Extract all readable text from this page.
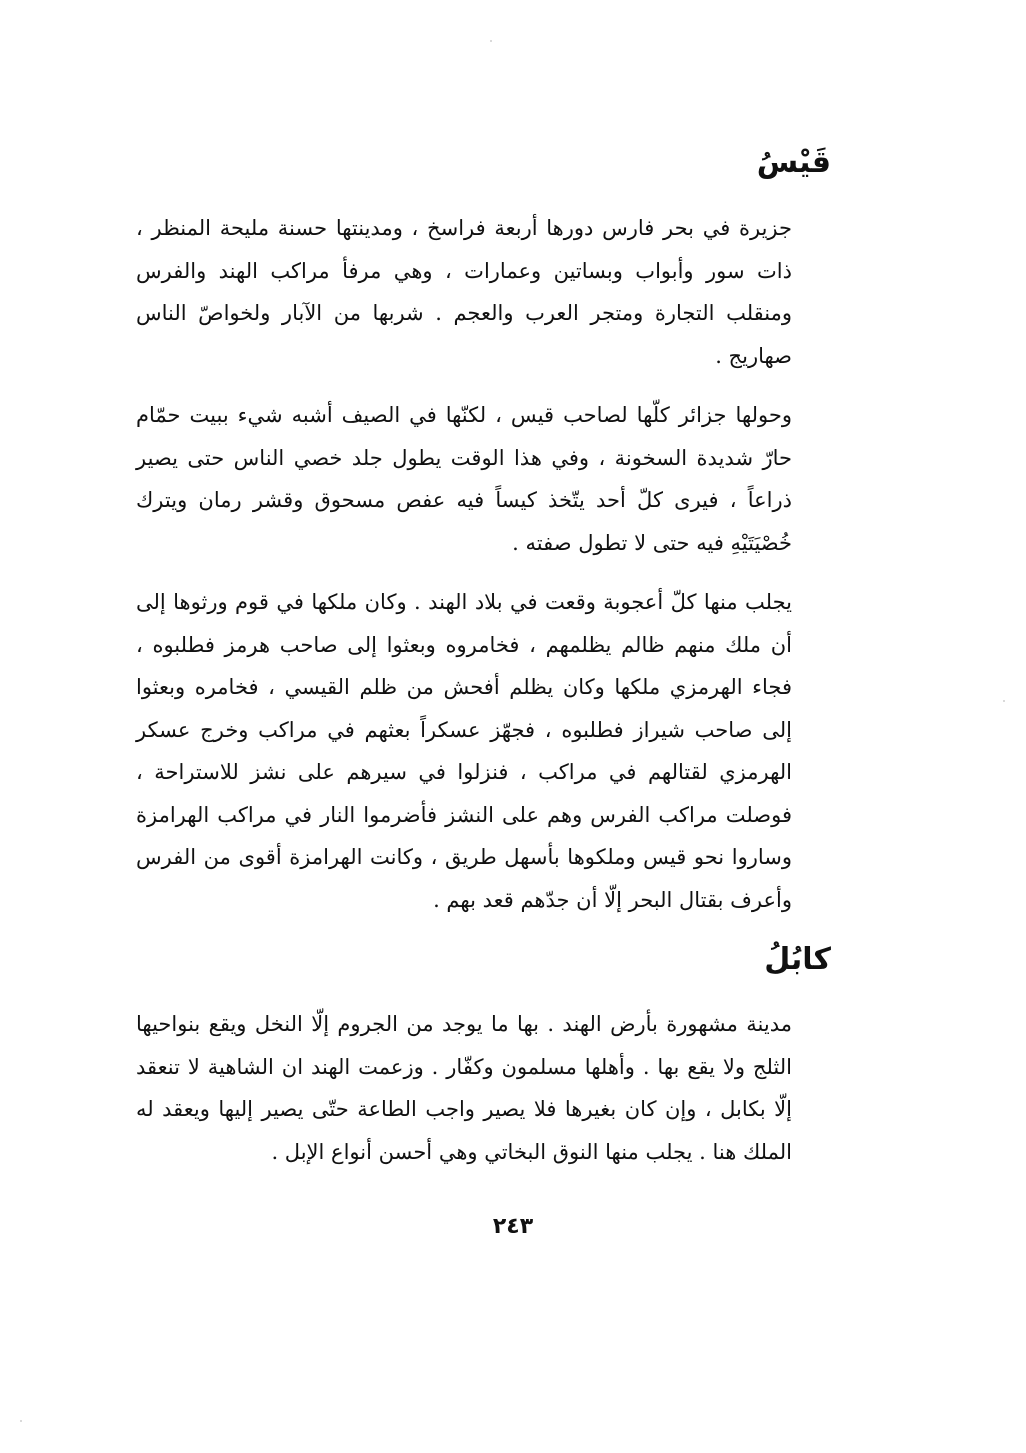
قَيْسُ

جزيرة في بحر فارس دورها أربعة فراسخ ، ومدينتها حسنة مليحة المنظر ، ذات سور وأبواب وبساتين وعمارات ، وهي مرفأ مراكب الهند والفرس ومنقلب التجارة ومتجر العرب والعجم . شربها من الآبار ولخواصّ الناس صهاريج .

وحولها جزائر كلّها لصاحب قيس ، لكنّها في الصيف أشبه شيء ببيت حمّام حارّ شديدة السخونة ، وفي هذا الوقت يطول جلد خصي الناس حتى يصير ذراعاً ، فيرى كلّ أحد يتّخذ كيساً فيه عفص مسحوق وقشر رمان ويترك خُصْيَتَيْهِ فيه حتى لا تطول صفته .

يجلب منها كلّ أعجوبة وقعت في بلاد الهند . وكان ملكها في قوم ورثوها إلى أن ملك منهم ظالم يظلمهم ، فخامروه وبعثوا إلى صاحب هرمز فطلبوه ، فجاء الهرمزي ملكها وكان يظلم أفحش من ظلم القيسي ، فخامره وبعثوا إلى صاحب شيراز فطلبوه ، فجهّز عسكراً بعثهم في مراكب وخرج عسكر الهرمزي لقتالهم في مراكب ، فنزلوا في سيرهم على نشز للاستراحة ، فوصلت مراكب الفرس وهم على النشز فأضرموا النار في مراكب الهرامزة وساروا نحو قيس وملكوها بأسهل طريق ، وكانت الهرامزة أقوى من الفرس وأعرف بقتال البحر إلّا أن جدّهم قعد بهم .

كابُلُ

مدينة مشهورة بأرض الهند . بها ما يوجد من الجروم إلّا النخل ويقع بنواحيها الثلج ولا يقع بها . وأهلها مسلمون وكفّار . وزعمت الهند ان الشاهية لا تنعقد إلّا بكابل ، وإن كان بغيرها فلا يصير واجب الطاعة حتّى يصير إليها ويعقد له الملك هنا . يجلب منها النوق البخاتي وهي أحسن أنواع الإبل .

٢٤٣
